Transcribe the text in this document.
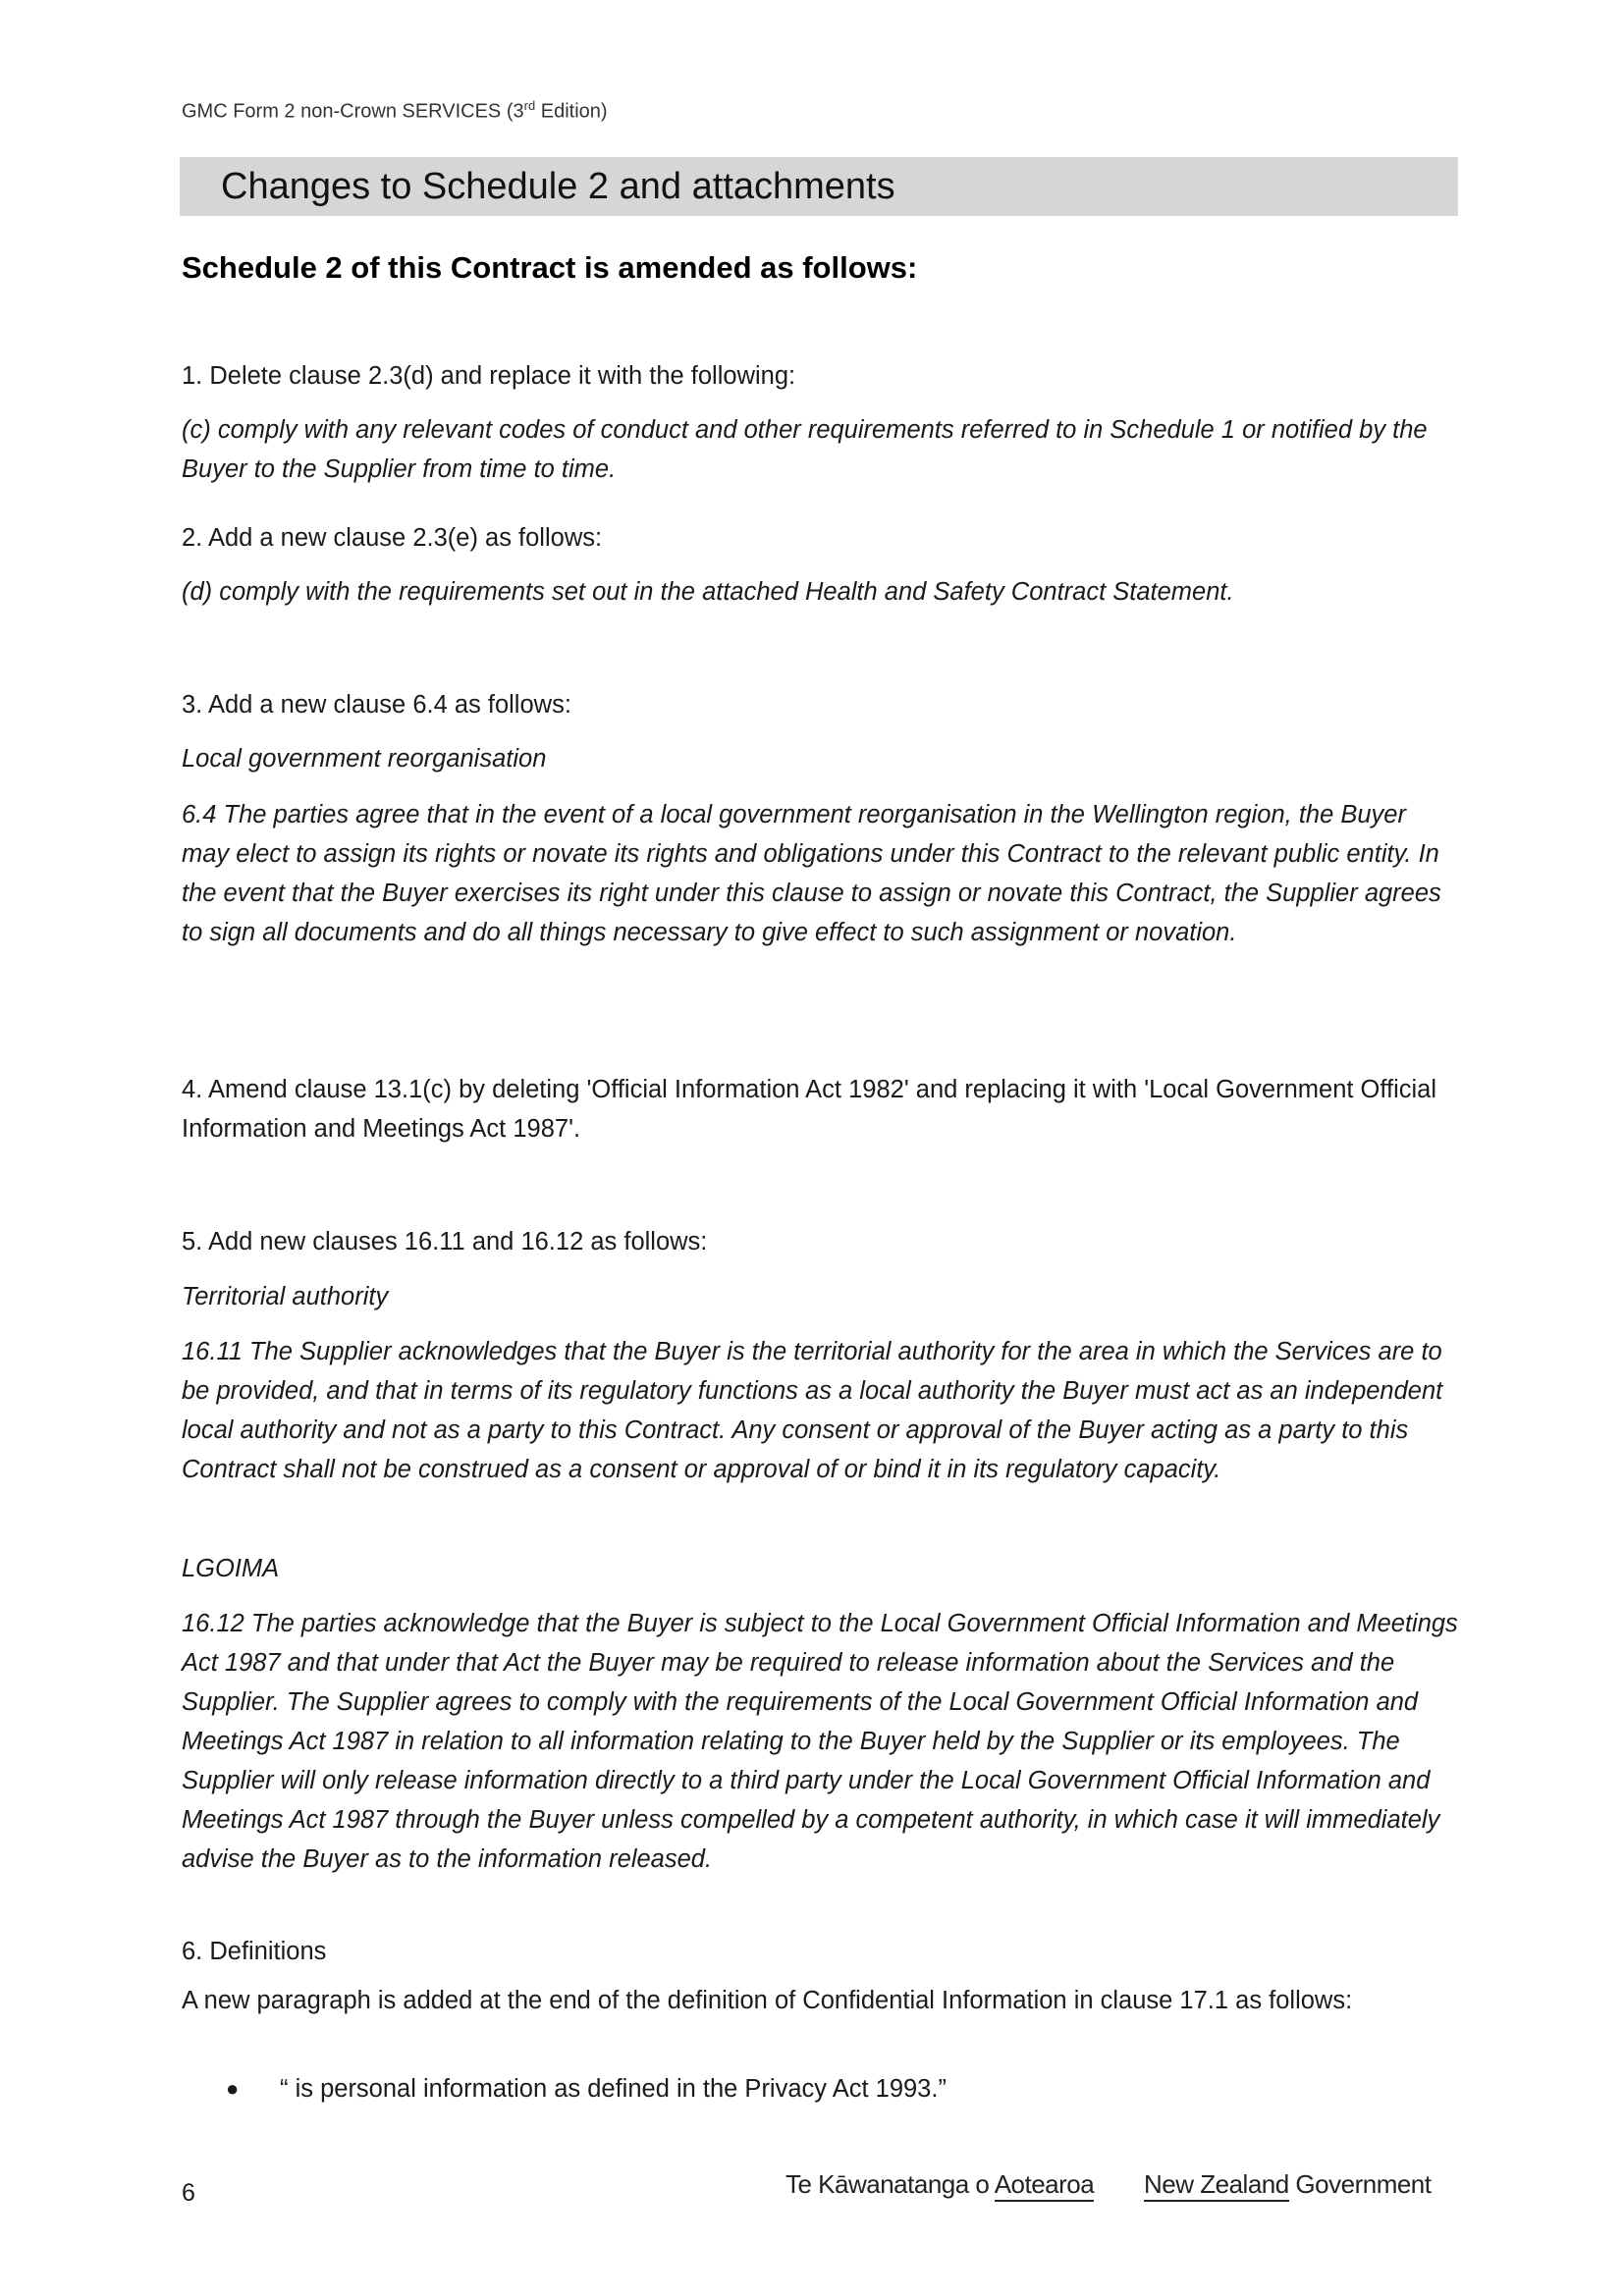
GMC Form 2 non-Crown SERVICES (3rd Edition)
Changes to Schedule 2 and attachments
Schedule 2 of this Contract is amended as follows:
1. Delete clause 2.3(d) and replace it with the following:
(c) comply with any relevant codes of conduct and other requirements referred to in Schedule 1 or notified by the Buyer to the Supplier from time to time.
2. Add a new clause 2.3(e) as follows:
(d) comply with the requirements set out in the attached Health and Safety Contract Statement.
3. Add a new clause 6.4 as follows:
Local government reorganisation
6.4 The parties agree that in the event of a local government reorganisation in the Wellington region, the Buyer may elect to assign its rights or novate its rights and obligations under this Contract to the relevant public entity. In the event that the Buyer exercises its right under this clause to assign or novate this Contract, the Supplier agrees to sign all documents and do all things necessary to give effect to such assignment or novation.
4. Amend clause 13.1(c) by deleting 'Official Information Act 1982' and replacing it with 'Local Government Official Information and Meetings Act 1987'.
5. Add new clauses 16.11 and 16.12 as follows:
Territorial authority
16.11 The Supplier acknowledges that the Buyer is the territorial authority for the area in which the Services are to be provided, and that in terms of its regulatory functions as a local authority the Buyer must act as an independent local authority and not as a party to this Contract. Any consent or approval of the Buyer acting as a party to this Contract shall not be construed as a consent or approval of or bind it in its regulatory capacity.
LGOIMA
16.12 The parties acknowledge that the Buyer is subject to the Local Government Official Information and Meetings Act 1987 and that under that Act the Buyer may be required to release information about the Services and the Supplier. The Supplier agrees to comply with the requirements of the Local Government Official Information and Meetings Act 1987 in relation to all information relating to the Buyer held by the Supplier or its employees. The Supplier will only release information directly to a third party under the Local Government Official Information and Meetings Act 1987 through the Buyer unless compelled by a competent authority, in which case it will immediately advise the Buyer as to the information released.
6. Definitions
A new paragraph is added at the end of the definition of Confidential Information in clause 17.1 as follows:
●	“ is personal information as defined in the Privacy Act 1993.”
6	Te Kāwanatanga o Aotearoa New Zealand Government
